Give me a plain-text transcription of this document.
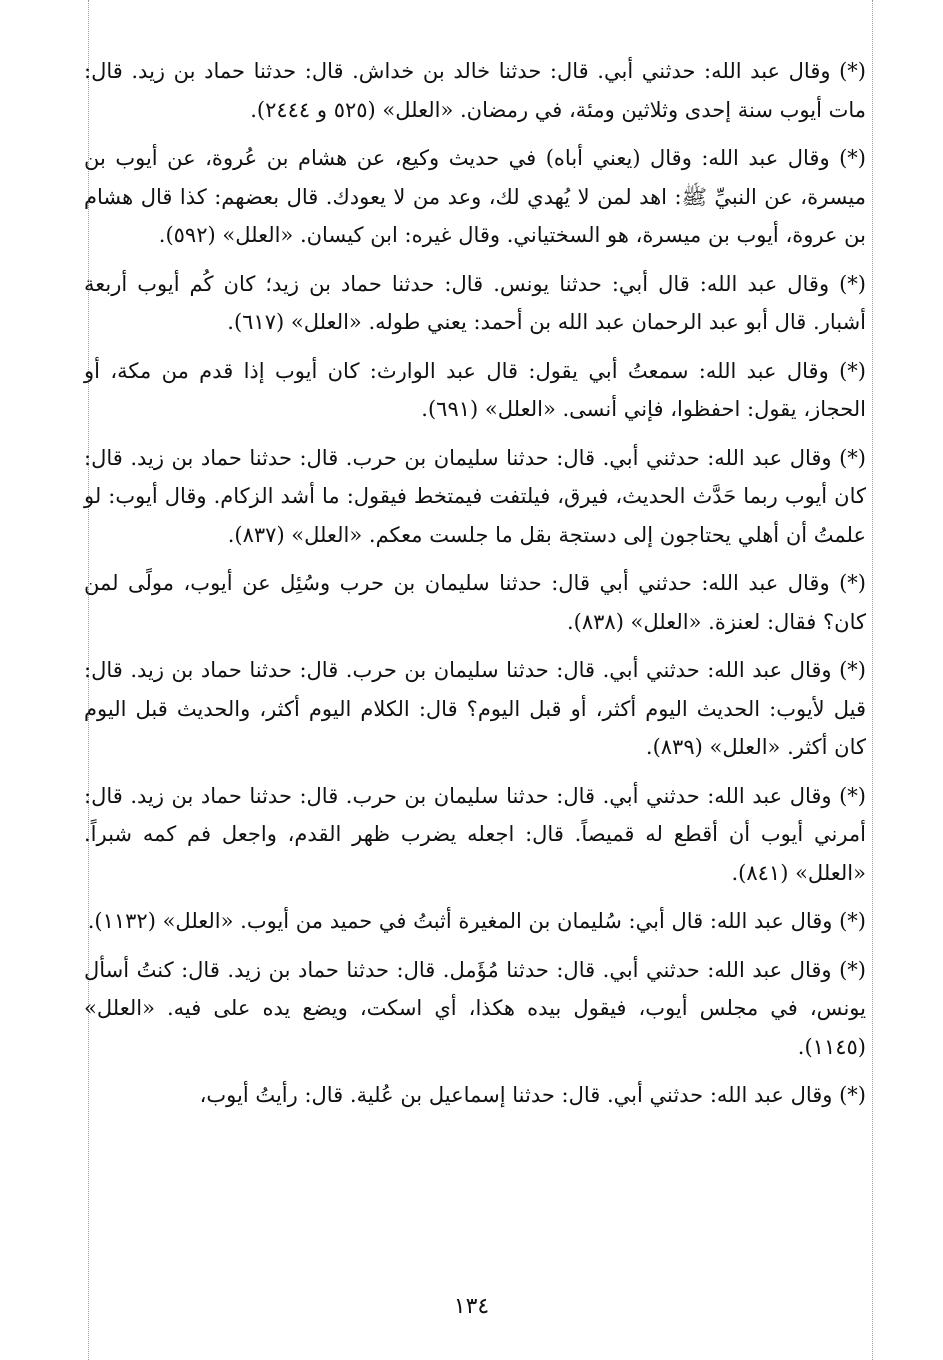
(*) وقال عبد الله: حدثني أبي. قال: حدثنا خالد بن خداش. قال: حدثنا حماد بن زيد. قال: مات أيوب سنة إحدى وثلاثين ومئة، في رمضان. «العلل» (٥٢٥ و ٢٤٤٤).

(*) وقال عبد الله: وقال (يعني أباه) في حديث وكيع، عن هشام بن عُروة، عن أيوب بن ميسرة، عن النبيِّ ﷺ: اهد لمن لا يُهدي لك، وعد من لا يعودك. قال بعضهم: كذا قال هشام بن عروة، أيوب بن ميسرة، هو السختياني. وقال غيره: ابن كيسان. «العلل» (٥٩٢).

(*) وقال عبد الله: قال أبي: حدثنا يونس. قال: حدثنا حماد بن زيد؛ كان كُم أيوب أربعة أشبار. قال أبو عبد الرحمان عبد الله بن أحمد: يعني طوله. «العلل» (٦١٧).

(*) وقال عبد الله: سمعتُ أبي يقول: قال عبد الوارث: كان أيوب إذا قدم من مكة، أو الحجاز، يقول: احفظوا، فإني أنسى. «العلل» (٦٩١).

(*) وقال عبد الله: حدثني أبي. قال: حدثنا سليمان بن حرب. قال: حدثنا حماد بن زيد. قال: كان أيوب ربما حَدَّث الحديث، فيرق، فيلتفت فيمتخط فيقول: ما أشد الزكام. وقال أيوب: لو علمتُ أن أهلي يحتاجون إلى دستجة بقل ما جلست معكم. «العلل» (٨٣٧).

(*) وقال عبد الله: حدثني أبي قال: حدثنا سليمان بن حرب وسُئِل عن أيوب، مولًى لمن كان؟ فقال: لعنزة. «العلل» (٨٣٨).

(*) وقال عبد الله: حدثني أبي. قال: حدثنا سليمان بن حرب. قال: حدثنا حماد بن زيد. قال: قيل لأيوب: الحديث اليوم أكثر، أو قبل اليوم؟ قال: الكلام اليوم أكثر، والحديث قبل اليوم كان أكثر. «العلل» (٨٣٩).

(*) وقال عبد الله: حدثني أبي. قال: حدثنا سليمان بن حرب. قال: حدثنا حماد بن زيد. قال: أمرني أيوب أن أقطع له قميصاً. قال: اجعله يضرب ظهر القدم، واجعل فم كمه شبراً. «العلل» (٨٤١).

(*) وقال عبد الله: قال أبي: سُليمان بن المغيرة أثبتُ في حميد من أيوب. «العلل» (١١٣٢).

(*) وقال عبد الله: حدثني أبي. قال: حدثنا مُؤَمل. قال: حدثنا حماد بن زيد. قال: كنتُ أسأل يونس، في مجلس أيوب، فيقول بيده هكذا، أي اسكت، ويضع يده على فيه. «العلل» (١١٤٥).

(*) وقال عبد الله: حدثني أبي. قال: حدثنا إسماعيل بن عُلية. قال: رأيتُ أيوب،

١٣٤
